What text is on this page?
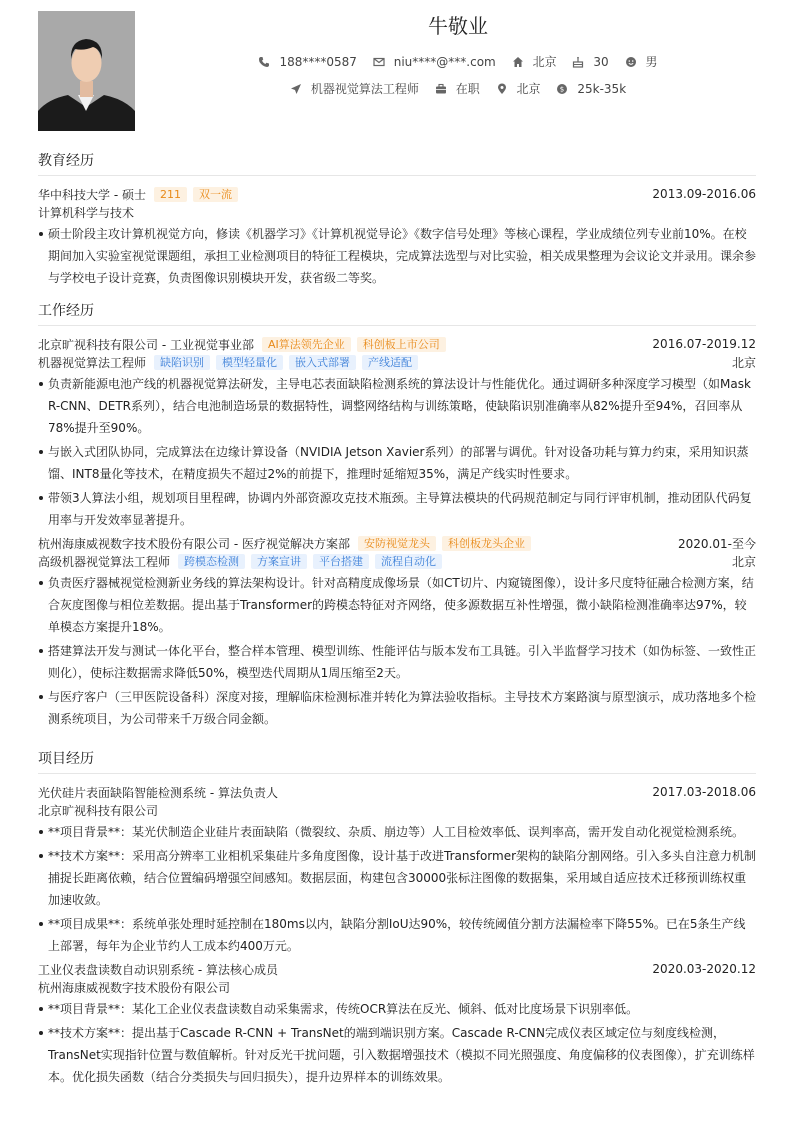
牛敬业
188****0587
	niu****@***.com
	北京
	30
	男
机器视觉算法工程师
	在职
	北京
	$ 25k-35k
教育经历
华中科技大学 - 硕士	211	双一流	2013.09-2016.06
计算机科学与技术
硕士阶段主攻计算机视觉方向，修读《机器学习》《计算机视觉导论》《数字信号处理》等核心课程，学业成绩位列专业前10%。在校期间加入实验室视觉课题组，承担工业检测项目的特征工程模块，完成算法选型与对比实验，相关成果整理为会议论文并录用。课余参与学校电子设计竞赛，负责图像识别模块开发，获省级二等奖。
工作经历
北京旷视科技有限公司 - 工业视觉事业部	AI算法领先企业	科创板上市公司	2016.07-2019.12
机器视觉算法工程师	缺陷识别	模型轻量化	嵌入式部署	产线适配	北京
负责新能源电池产线的机器视觉算法研发，主导电芯表面缺陷检测系统的算法设计与性能优化。通过调研多种深度学习模型（如Mask R-CNN、DETR系列），结合电池制造场景的数据特性，调整网络结构与训练策略，使缺陷识别准确率从82%提升至94%，召回率从78%提升至90%。
与嵌入式团队协同，完成算法在边缘计算设备（NVIDIA Jetson Xavier系列）的部署与调优。针对设备功耗与算力约束，采用知识蒸馏、INT8量化等技术，在精度损失不超过2%的前提下，推理时延缩短35%，满足产线实时性要求。
带领3人算法小组，规划项目里程碑，协调内外部资源攻克技术瓶颈。主导算法模块的代码规范制定与同行评审机制，推动团队代码复用率与开发效率显著提升。
杭州海康威视数字技术股份有限公司 - 医疗视觉解决方案部	安防视觉龙头	科创板龙头企业	2020.01-至今
高级机器视觉算法工程师	跨模态检测	方案宣讲	平台搭建	流程自动化	北京
负责医疗器械视觉检测新业务线的算法架构设计。针对高精度成像场景（如CT切片、内窥镜图像），设计多尺度特征融合检测方案，结合灰度图像与相位差数据。提出基于Transformer的跨模态特征对齐网络，使多源数据互补性增强，微小缺陷检测准确率达97%，较单模态方案提升18%。
搭建算法开发与测试一体化平台，整合样本管理、模型训练、性能评估与版本发布工具链。引入半监督学习技术（如伪标签、一致性正则化），使标注数据需求降低50%，模型迭代周期从1周压缩至2天。
与医疗客户（三甲医院设备科）深度对接，理解临床检测标准并转化为算法验收指标。主导技术方案路演与原型演示，成功落地多个检测系统项目，为公司带来千万级合同金额。
项目经历
光伏硅片表面缺陷智能检测系统 - 算法负责人	2017.03-2018.06
北京旷视科技有限公司
**项目背景**：某光伏制造企业硅片表面缺陷（微裂纹、杂质、崩边等）人工目检效率低、误判率高，需开发自动化视觉检测系统。
**技术方案**：采用高分辨率工业相机采集硅片多角度图像，设计基于改进Transformer架构的缺陷分割网络。引入多头自注意力机制捕捉长距离依赖，结合位置编码增强空间感知。数据层面，构建包含30000张标注图像的数据集，采用域自适应技术迁移预训练权重加速收敛。
**项目成果**：系统单张处理时延控制在180ms以内，缺陷分割IoU达90%，较传统阈值分割方法漏检率下降55%。已在5条生产线上部署，每年为企业节约人工成本约400万元。
工业仪表盘读数自动识别系统 - 算法核心成员	2020.03-2020.12
杭州海康威视数字技术股份有限公司
**项目背景**：某化工企业仪表盘读数自动采集需求，传统OCR算法在反光、倾斜、低对比度场景下识别率低。
**技术方案**：提出基于Cascade R-CNN + TransNet的端到端识别方案。Cascade R-CNN完成仪表区域定位与刻度线检测，TransNet实现指针位置与数值解析。针对反光干扰问题，引入数据增强技术（模拟不同光照强度、角度偏移的仪表图像），扩充训练样本。优化损失函数（结合分类损失与回归损失），提升边界样本的训练效果。
